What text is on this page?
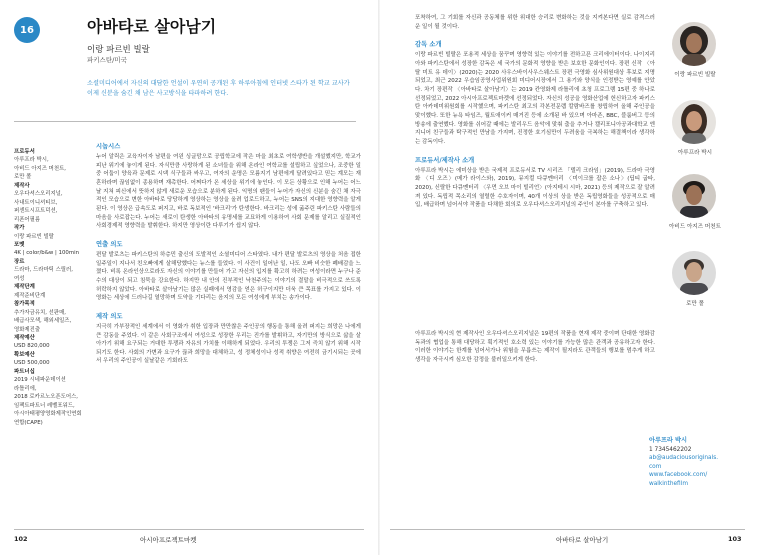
16	아바타로 살아남기
이랑 파르빈 빌랄
파키스탄/미국

소셜미디어에서 자신의 대담한 언설이 우연히 공개된 후 하루아침에 인터넷 스타가 된 학교 교사가 이제 신분을 숨긴 채 남은 사고방식을 타파하려 한다.

프로듀서
아루프라 박시,
아비드 아지즈 머천트,
로만 폴
제작사
오우다셔스오리지널,
사내트이니셔티브,
퍼센트시프트덕션,
리폰어필름
작가
이랑 파르빈 빌랄
포맷
4K | color/b&w | 100min
장르
드라마, 드라마틱 스릴러,
여성
제작단계
제작준비단계
참가목적
추가자금유치, 선판매,
배급사모색, 해외세일즈,
영화제진출
제작예산
USD 820,000
확보예산
USD 500,000
파트너십
2019 시네파운데이션
라틀리에,
2018 로카르노오픈도어스,
임팩트파트너 레벨포워드,
아시아태평양영화제작인연회
연합(CAPE)
시놉시스

누어 알릭은 교육자이자 남편을 여읜 싱글맘으로 공립학교에 작은 마을 최초로 여학생반을 개설했지만, 학교가 피난 위기에 놓이게 된다. 자식만큼 사랑하게 된 소녀들을 위해 온라인 여학교를 설립하고 싶었으나, 조중한 일 중 어둡이 양육과 문제로 시댁 식구들과 싸우고, 여자의 운명은 모름지기 남편에게 달려있다고 믿는 계모는 재혼하라며 끊임없이 종용하며 재촉한다. 어쩌다가 온 세상을 위기에 놓인다. 이 모든 상황으로 인해 누어는 어느 날 지쳐 피신에서 뜻하지 않게 새로운 모습으로 분하게 된다. 익명의 팬들이 누어가 자신의 신분을 숨긴 채 자극적인 모습으로 변한 아바타로 당당하게 영상하는 영상을 올려 업로드하고, 누어는 SNS의 지대한 영향력을 알게 된다. 이 영상은 급속도로 퍼지고, 바로 독보적인 '바크리'가 탄생한다. 바크리는 성에 굶주린 파키스탄 사람들의 마음을 사로잡는다. 누어는 새로이 탄생한 아바타의 유명세를 교묘하게 이용하여 사회 문제를 알리고 실질적인 사회경제적 영향력을 발휘한다. 하지만 영상이란 다루기가 쉽지 않다.

연출 의도

편달 발로츠는 파키스탄의 하층민 출신의 도발적인 소셜미디어 스타였다. 내가 편달 발로츠의 영상을 처음 접한 일주일이 지나서 친오빠에게 살해당했다는 뉴스를 들었다. 이 사건이 일어난 일, 나도 오빠 비슷한 폐배감을 느꼈다. 비록 온라인상으로라도 자신의 이야기를 만들어 가고 자신의 입지를 확고히 하려는 여성이라면 누구나 준수의 대상이 되고 침묵을 강요한다. 하지만 내 안의 진부적인 낙천주의는 이야기의 결말을 비극적으로 쓰도록 허락하지 않았다. 아바타로 살아남기는 많은 실패에서 영감을 얻은 허구이지만 더욱 큰 목표를 가지고 있다. 이 영화는 세상에 드러나길 열망하며 도약을 기다리는 음지의 모든 여성에게 부치는 송가이다.

제작 의도

지극히 가부장적인 세계에서 이 영화가 취한 입장과 만만찮은 주인공의 행동을 통해 올려 퍼지는 희망은 나에게 큰 감동을 주었다. 이 같은 사회구조에서 여성으로 성장한 우리는 진가를 발휘하고, 자기만의 방식으로 삶을 살아가기 위해 요구되는 거대한 투쟁과 자유의 가치를 이해하게 되었다. 우리의 투쟁은 그저 즉치 않기 위해 시작되기도 한다. 사회의 가변과 요구가 끊과 희망을 대체하고, 성 정체성이나 성적 취향은 여전히 금기시되는 곳에서 우리의 주인공이 실날같은 기회라도

102	아시아프로젝트마켓

포착하여, 그 기회를 자신과 공동체를 위한 위대한 승리로 변화하는 것을 지켜본다면 실로 감격스러운 일이 될 것이다.

감독 소개

이랑 파르빈 빌랄은 포용적 세상을 꿈꾸며 영향력 있는 이야기를 전하고픈 크리에이터이다. 나이지리아와 파키스탄에서 성장한 감독은 세 국가의 문화적 영향을 받은 보호한 문화인이다. 장편 신작 〈아탈 미트 유 데이〉(2020)는 2020 사우스바이사우스웨스트 장편 극영화 심사위원대상 후보로 지명되었고, 최근 2022 우습임공영사업위원회 미디어시장에서 그 용기와 양식을 인정받는 영예를 안았다. 차기 장편작 〈아바타로 살아남기〉는 2019 칸영화제 라틀리에 초청 프로그램 15편 중 하나로 선정되었고, 2022 아시아프로젝트마켓에 선정되었다. 자신의 성공을 영화산업에 헌신하고자 파키스탄 아카데미위원회를 시작했으며, 파키스탄 최고의 각본전문랩 칼람바즈를 창립하여 올해 주인공을 맞이했다. 또한 뉴욕 타임즈, 월트애이커 매거진 등에 소개된 바 있으며 아마존, BBC, 블룸버그 등의 방송에 출연했다. 영화를 쉬어갈 때에는 발리우드 음악에 맞춰 춤을 추거나 캘리포니아공과대학교 엔지니어 친구들과 탁구적인 만남을 가지며, 진정한 호기심만이 두려움을 극복하는 해결책이라 생각하는 감독이다.

프로듀서/제작사 소개

아루프라 박시는 에미상을 받은 국제적 프로듀서로 TV 시리즈 「델리 크라임」(2019), 드라마 극영화 〈디 오즈〉(메가 라이스와), 2019), 뮤지컬 다큐멘터리 〈미이크를 잡은 소나〉(딥티 굽타, 2020), 신랄한 다큐멘터리 〈우먼 오브 마이 빌리언〉(아지테시 시마, 2021) 등의 제작으로 잘 알려져 있다. 독립적 목소리의 열렬한 수호자이며, 40개 이상의 상을 받은 독립영화들을 성공적으로 매입, 배급하며 넘어서야 작품을 다채한 회의로 오우다셔스오리지널의 주인이 본아를 구축하고 있다.

아루프라 박시의 현 제작사인 오우다셔스오리지널은 19편의 작품을 현재 제작 중이며 단대한 영화감독과의 협업을 통해 대당하고 획기적인 호소력 있는 이야기를 가능한 많은 관객과 공유하고자 한다. 이러한 이야기는 한계를 넘어서가나 위험을 무릅쓰는 제작이 될지라도 관객들의 행보를 멈추게 하고 생각을 자극시켜 심오한 감정을 불러일으키게 한다.

이랑 파르빈 빌랄
아루프라 박시
아비드 아지즈 머천트
로만 폴
아루프라 박시
1 7345462202
ab@audaciousoriginals.
com
www.facebook.com/
walkinthefilm
아바타로 살아남기	103
